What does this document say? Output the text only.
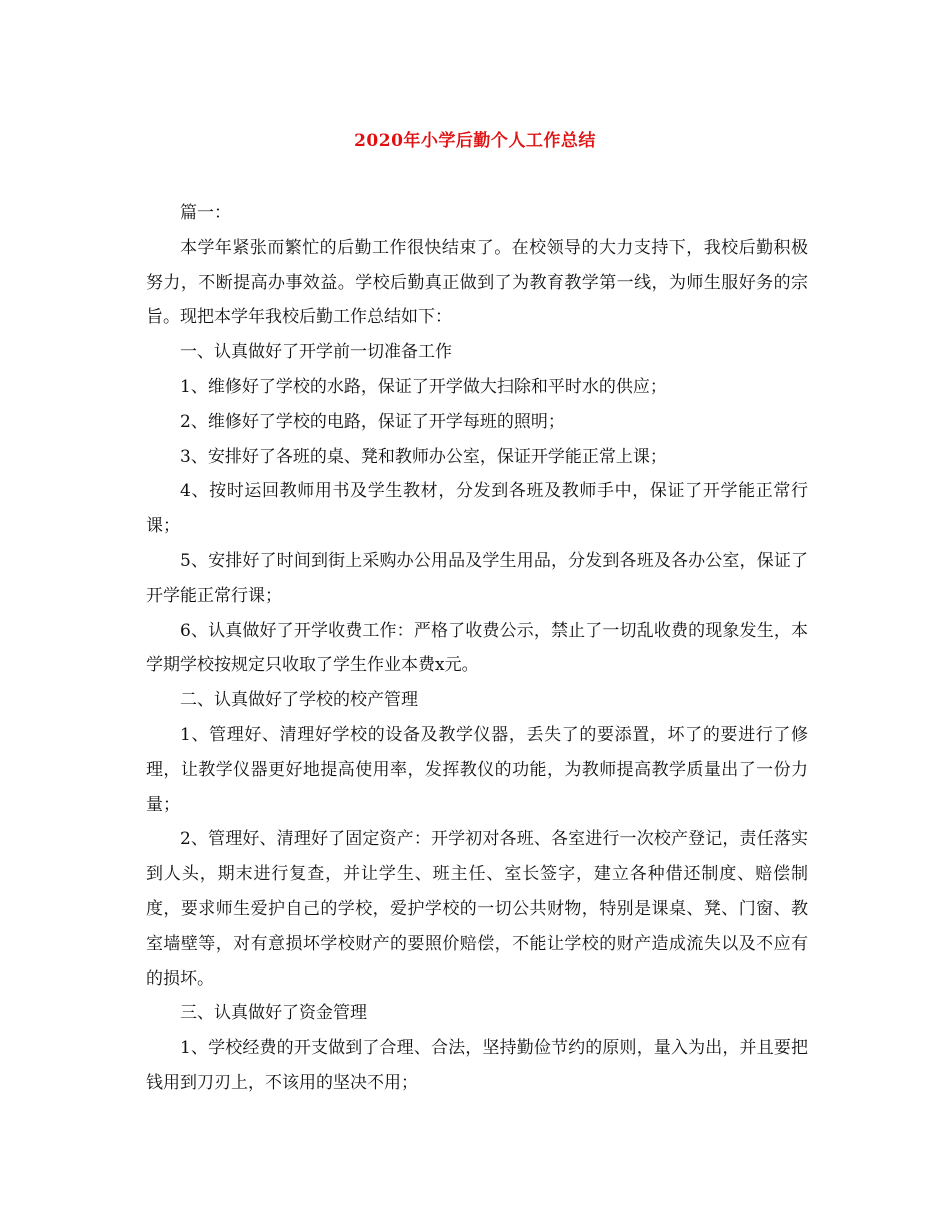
2020年小学后勤个人工作总结

篇一：

本学年紧张而繁忙的后勤工作很快结束了。在校领导的大力支持下，我校后勤积极努力，不断提高办事效益。学校后勤真正做到了为教育教学第一线，为师生服好务的宗旨。现把本学年我校后勤工作总结如下：

一、认真做好了开学前一切准备工作

1、维修好了学校的水路，保证了开学做大扫除和平时水的供应；

2、维修好了学校的电路，保证了开学每班的照明；

3、安排好了各班的桌、凳和教师办公室，保证开学能正常上课；

4、按时运回教师用书及学生教材，分发到各班及教师手中，保证了开学能正常行课；

5、安排好了时间到街上采购办公用品及学生用品，分发到各班及各办公室，保证了开学能正常行课；

6、认真做好了开学收费工作：严格了收费公示，禁止了一切乱收费的现象发生，本学期学校按规定只收取了学生作业本费x元。

二、认真做好了学校的校产管理

1、管理好、清理好学校的设备及教学仪器，丢失了的要添置，坏了的要进行了修理，让教学仪器更好地提高使用率，发挥教仪的功能，为教师提高教学质量出了一份力量；

2、管理好、清理好了固定资产：开学初对各班、各室进行一次校产登记，责任落实到人头，期末进行复查，并让学生、班主任、室长签字，建立各种借还制度、赔偿制度，要求师生爱护自己的学校，爱护学校的一切公共财物，特别是课桌、凳、门窗、教室墙壁等，对有意损坏学校财产的要照价赔偿，不能让学校的财产造成流失以及不应有的损坏。

三、认真做好了资金管理

1、学校经费的开支做到了合理、合法，坚持勤俭节约的原则，量入为出，并且要把钱用到刀刃上，不该用的坚决不用；
